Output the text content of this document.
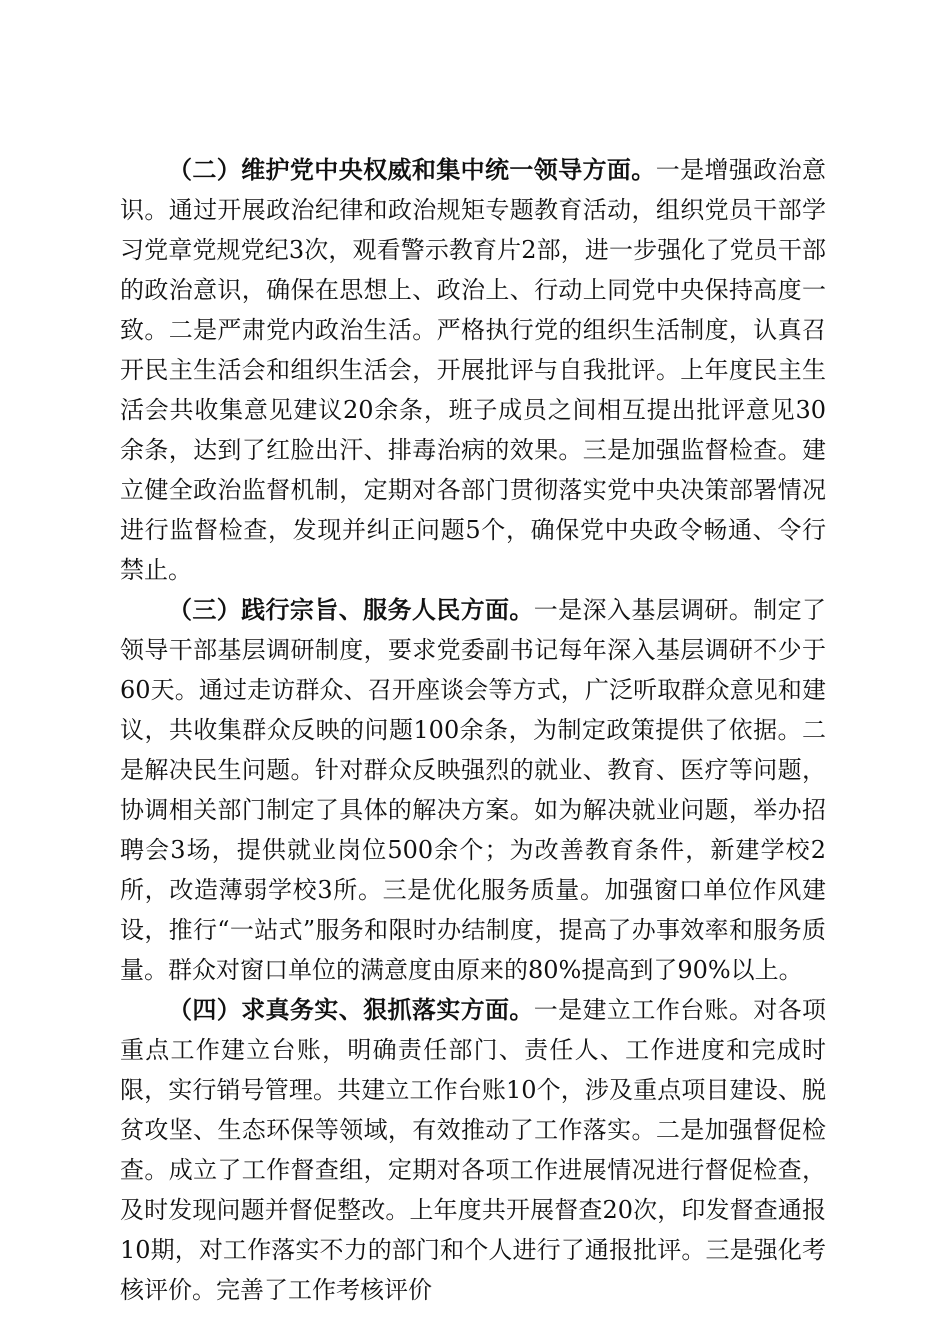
（二）维护党中央权威和集中统一领导方面。一是增强政治意识。通过开展政治纪律和政治规矩专题教育活动，组织党员干部学习党章党规党纪3次，观看警示教育片2部，进一步强化了党员干部的政治意识，确保在思想上、政治上、行动上同党中央保持高度一致。二是严肃党内政治生活。严格执行党的组织生活制度，认真召开民主生活会和组织生活会，开展批评与自我批评。上年度民主生活会共收集意见建议20余条，班子成员之间相互提出批评意见30余条，达到了红脸出汗、排毒治病的效果。三是加强监督检查。建立健全政治监督机制，定期对各部门贯彻落实党中央决策部署情况进行监督检查，发现并纠正问题5个，确保党中央政令畅通、令行禁止。

（三）践行宗旨、服务人民方面。一是深入基层调研。制定了领导干部基层调研制度，要求党委副书记每年深入基层调研不少于60天。通过走访群众、召开座谈会等方式，广泛听取群众意见和建议，共收集群众反映的问题100余条，为制定政策提供了依据。二是解决民生问题。针对群众反映强烈的就业、教育、医疗等问题，协调相关部门制定了具体的解决方案。如为解决就业问题，举办招聘会3场，提供就业岗位500余个；为改善教育条件，新建学校2所，改造薄弱学校3所。三是优化服务质量。加强窗口单位作风建设，推行“一站式”服务和限时办结制度，提高了办事效率和服务质量。群众对窗口单位的满意度由原来的80%提高到了90%以上。

（四）求真务实、狠抓落实方面。一是建立工作台账。对各项重点工作建立台账，明确责任部门、责任人、工作进度和完成时限，实行销号管理。共建立工作台账10个，涉及重点项目建设、脱贫攻坚、生态环保等领域，有效推动了工作落实。二是加强督促检查。成立了工作督查组，定期对各项工作进展情况进行督促检查，及时发现问题并督促整改。上年度共开展督查20次，印发督查通报10期，对工作落实不力的部门和个人进行了通报批评。三是强化考核评价。完善了工作考核评价
